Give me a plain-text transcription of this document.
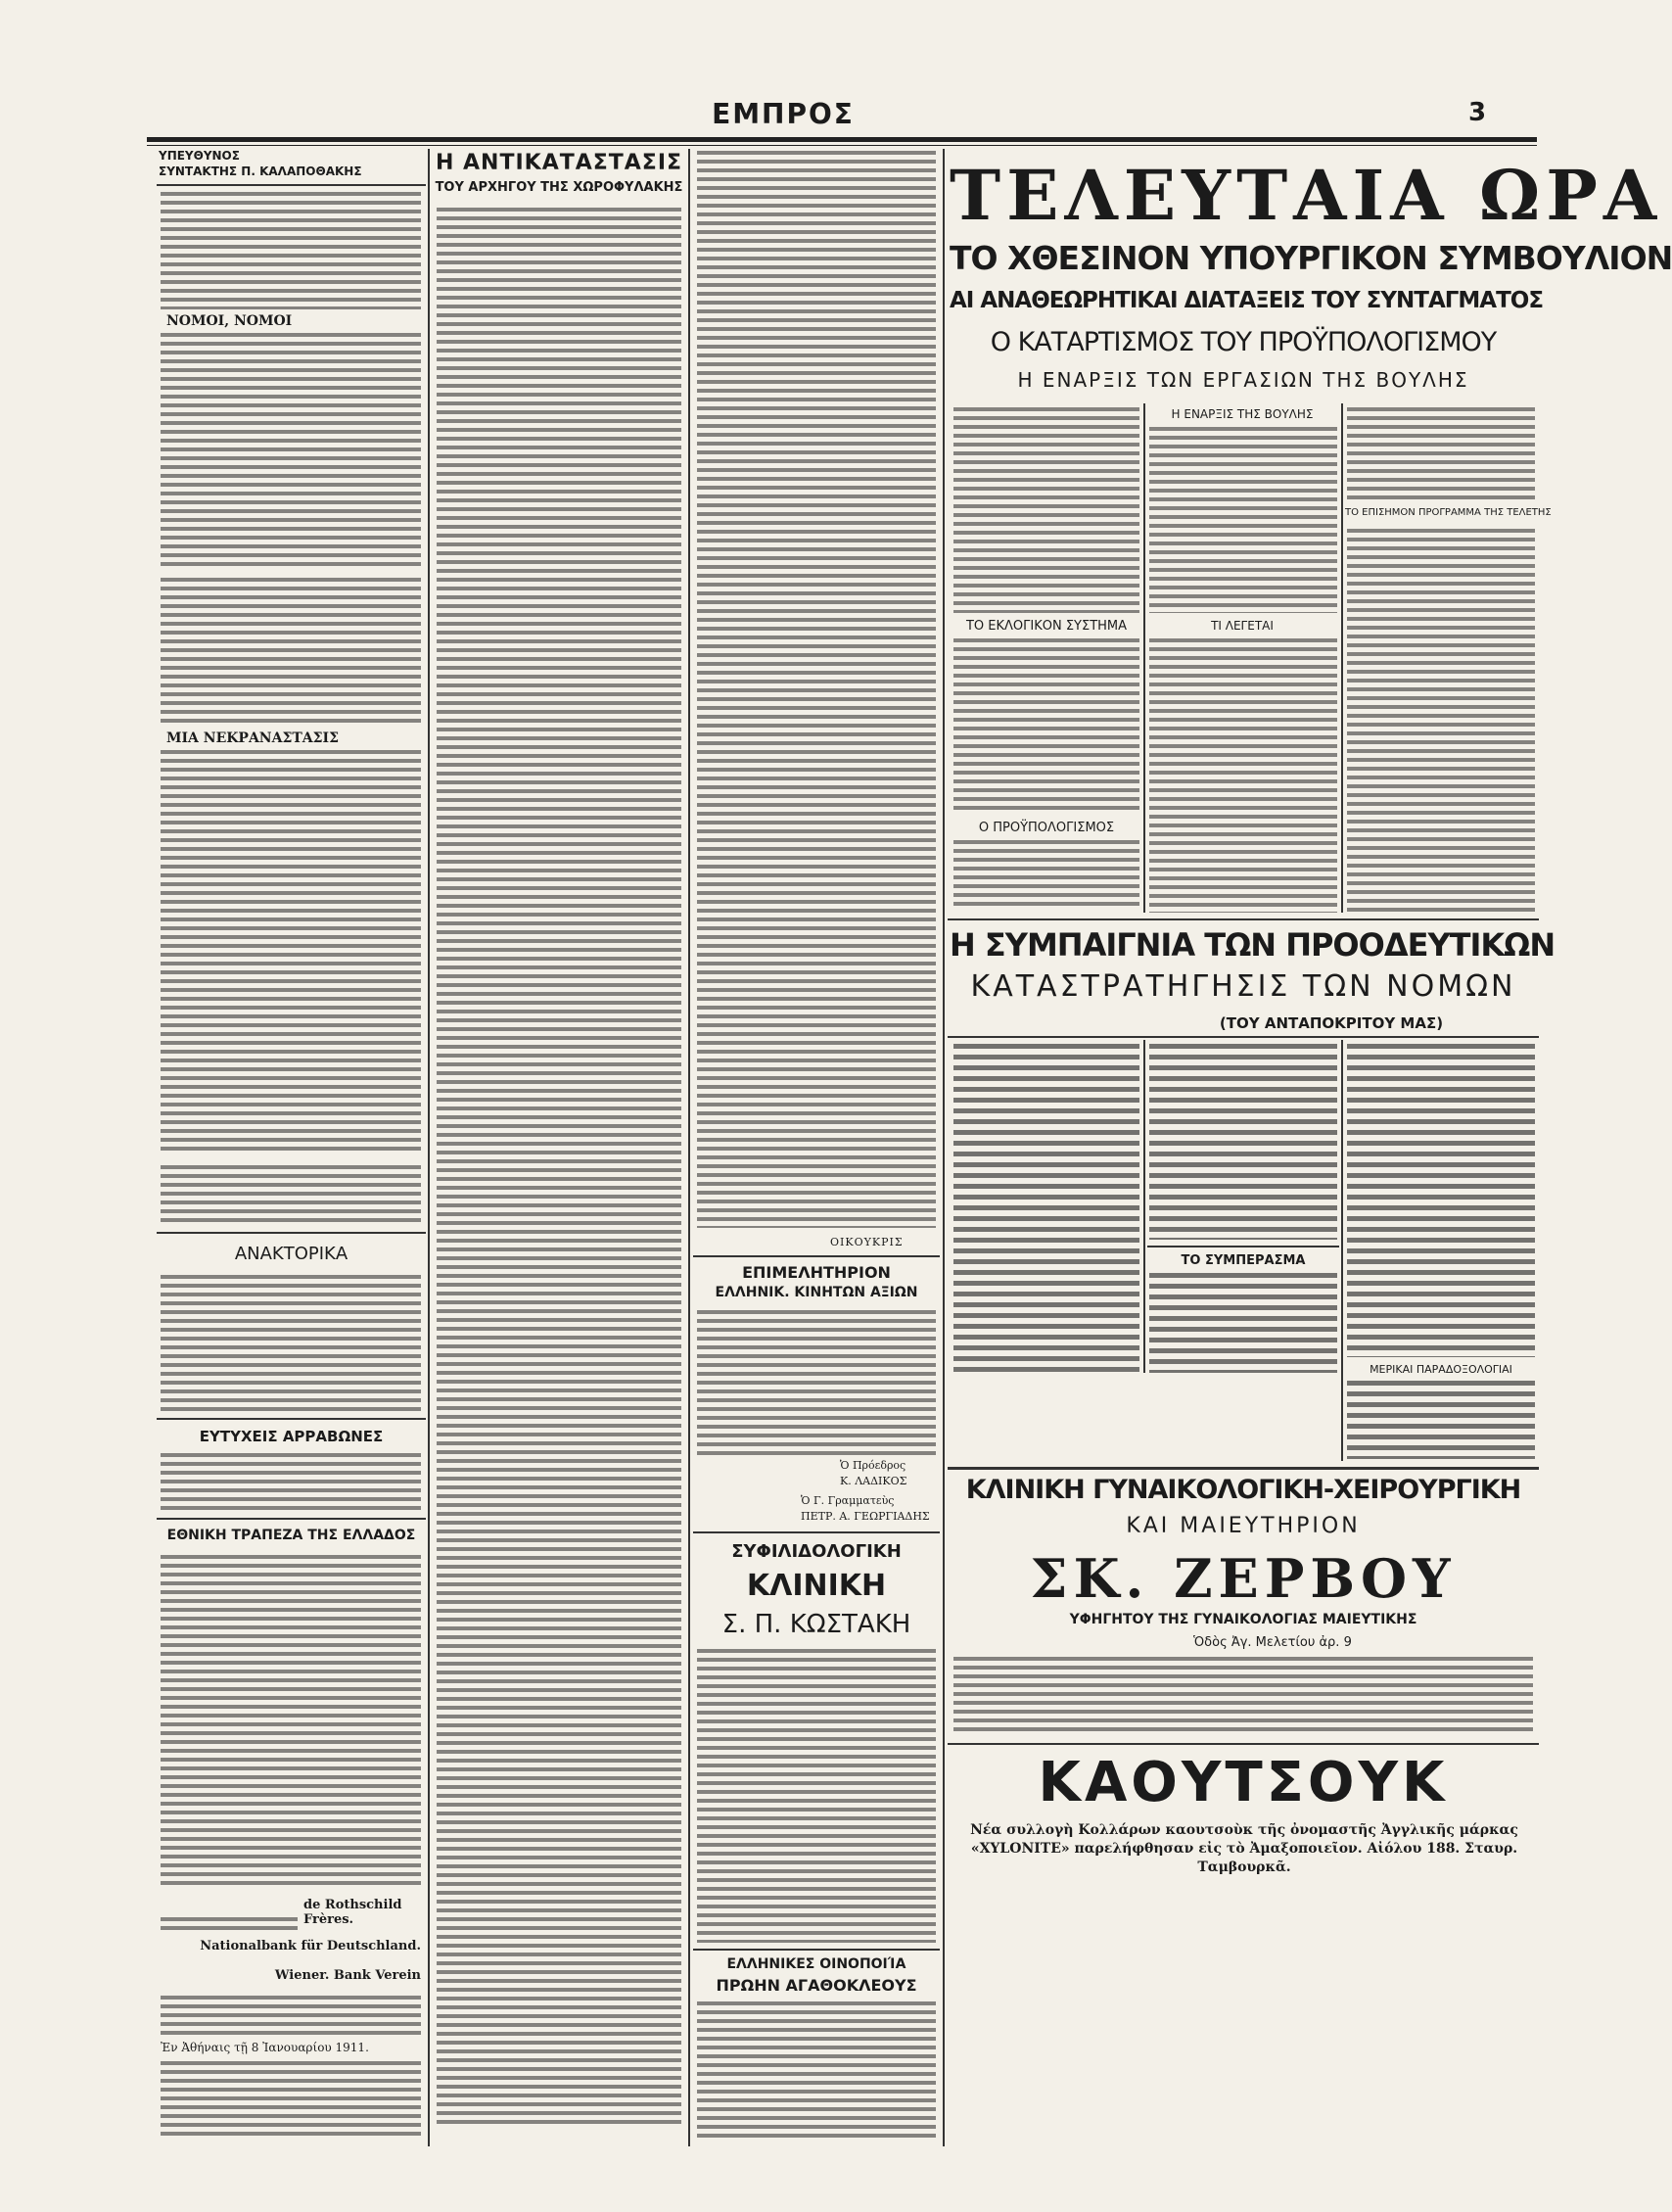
ΕΜΠΡΟΣ	3
ΥΠΕΥΘΥΝΟΣ
ΣΥΝΤΑΚΤΗΣ Π. ΚΑΛΑΠΟΘΑΚΗΣ
ΝΟΜΟΙ, ΝΟΜΟΙ
ΜΙΑ ΝΕΚΡΑΝΑΣΤΑΣΙΣ
ΑΝΑΚΤΟΡΙΚΑ
ΕΥΤΥΧΕΙΣ ΑΡΡΑΒΩΝΕΣ
ΕΘΝΙΚΗ ΤΡΑΠΕΖΑ ΤΗΣ ΕΛΛΑΔΟΣ
de Rothschild Frères.
Nationalbank für Deutschland.
Wiener. Bank Verein
Ἐν Ἀθήναις τῇ 8 Ἰανουαρίου 1911.
Η ΑΝΤΙΚΑΤΑΣΤΑΣΙΣ
ΤΟΥ ΑΡΧΗΓΟΥ ΤΗΣ ΧΩΡΟΦΥΛΑΚΗΣ
ΟΙΚΟΥΚΡΙΣ
ΕΠΙΜΕΛΗΤΗΡΙΟΝ
ΕΛΛΗΝΙΚ. ΚΙΝΗΤΩΝ ΑΞΙΩΝ
Ὁ Πρόεδρος
Κ. ΛΑΔΙΚΟΣ
Ὁ Γ. Γραμματεὺς
ΠΕΤΡ. Α. ΓΕΩΡΓΙΑΔΗΣ
ΣΥΦΙΛΙΔΟΛΟΓΙΚΗ
ΚΛΙΝΙΚΗ
Σ. Π. ΚΩΣΤΑΚΗ
ΕΛΛΗΝΙΚΕΣ ΟΙΝΟΠΟΙΊΑ
ΠΡΩΗΝ ΑΓΑΘΟΚΛΕΟΥΣ
ΤΕΛΕΥΤΑΙΑ ΩΡΑ
ΤΟ ΧΘΕΣΙΝΟΝ ΥΠΟΥΡΓΙΚΟΝ ΣΥΜΒΟΥΛΙΟΝ
ΑΙ ΑΝΑΘΕΩΡΗΤΙΚΑΙ ΔΙΑΤΑΞΕΙΣ ΤΟΥ ΣΥΝΤΑΓΜΑΤΟΣ
Ο ΚΑΤΑΡΤΙΣΜΟΣ ΤΟΥ ΠΡΟΫΠΟΛΟΓΙΣΜΟΥ
Η ΕΝΑΡΞΙΣ ΤΩΝ ΕΡΓΑΣΙΩΝ ΤΗΣ ΒΟΥΛΗΣ
ΤΟ ΕΚΛΟΓΙΚΟΝ ΣΥΣΤΗΜΑ
Ο ΠΡΟΫΠΟΛΟΓΙΣΜΟΣ
Η ΕΝΑΡΞΙΣ ΤΗΣ ΒΟΥΛΗΣ
ΤΙ ΛΕΓΕΤΑΙ
ΤΟ ΕΠΙΣΗΜΟΝ ΠΡΟΓΡΑΜΜΑ ΤΗΣ ΤΕΛΕΤΗΣ
Η ΣΥΜΠΑΙΓΝΙΑ ΤΩΝ ΠΡΟΟΔΕΥΤΙΚΩΝ
ΚΑΤΑΣΤΡΑΤΗΓΗΣΙΣ ΤΩΝ ΝΟΜΩΝ
(ΤΟΥ ΑΝΤΑΠΟΚΡΙΤΟΥ ΜΑΣ)
ΤΟ ΣΥΜΠΕΡΑΣΜΑ
ΜΕΡΙΚΑΙ ΠΑΡΑΔΟΞΟΛΟΓΙΑΙ
ΚΛΙΝΙΚΗ ΓΥΝΑΙΚΟΛΟΓΙΚΗ-ΧΕΙΡΟΥΡΓΙΚΗ
ΚΑΙ ΜΑΙΕΥΤΗΡΙΟΝ
ΣΚ. ΖΕΡΒΟΥ
ΥΦΗΓΗΤΟΥ ΤΗΣ ΓΥΝΑΙΚΟΛΟΓΙΑΣ ΜΑΙΕΥΤΙΚΗΣ
Ὁδὸς Ἀγ. Μελετίου ἀρ. 9
ΚΑΟΥΤΣΟΥΚ
Νέα συλλογὴ Κολλάρων καουτσοὺκ τῆς ὀνομαστῆς Ἀγγλικῆς μάρκας «XYLONITE» παρελήφθησαν εἰς τὸ Ἀμαξοποιεῖον. Αἰόλου 188. Σταυρ. Ταμβουρκᾶ.
